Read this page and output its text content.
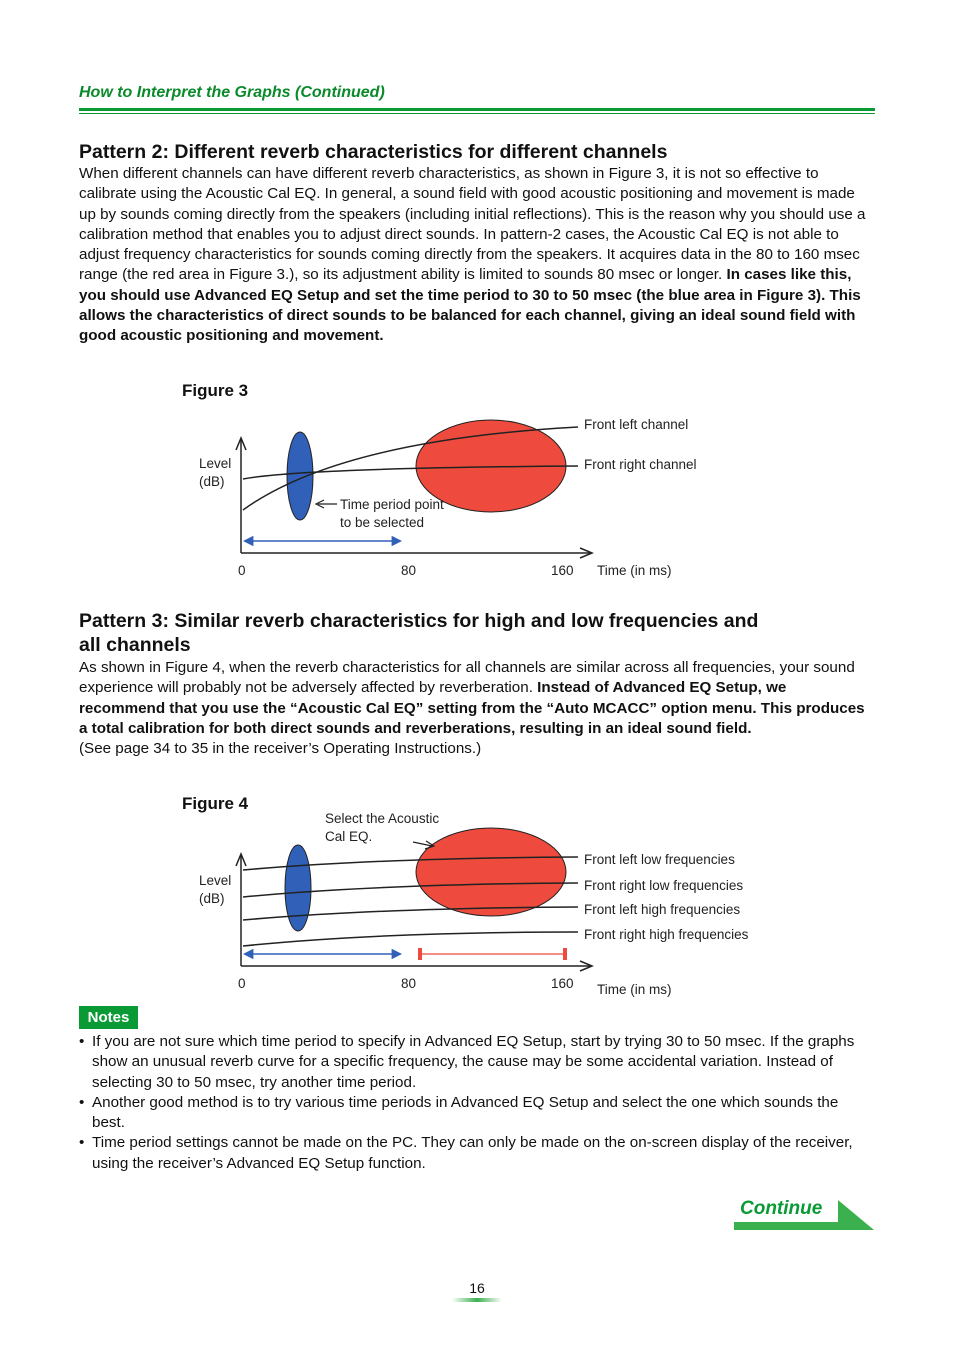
How to Interpret the Graphs (Continued)
Pattern 2: Different reverb characteristics for different channels
When different channels can have different reverb characteristics, as shown in Figure 3, it is not so effective to calibrate using the Acoustic Cal EQ. In general, a sound field with good acoustic positioning and movement is made up by sounds coming directly from the speakers (including initial reflections). This is the reason why you should use a calibration method that enables you to adjust direct sounds. In pattern-2 cases, the Acoustic Cal EQ is not able to adjust frequency characteristics for sounds coming directly from the speakers. It acquires data in the 80 to 160 msec range (the red area in Figure 3.), so its adjustment ability is limited to sounds 80 msec or longer. In cases like this, you should use Advanced EQ Setup and set the time period to 30 to 50 msec (the blue area in Figure 3). This allows the characteristics of direct sounds to be balanced for each channel, giving an ideal sound field with good acoustic positioning and movement.
Figure 3
Level
(dB)
Time period point
to be selected
Front left channel
Front right channel
0	80	160 Time (in ms)
Pattern 3: Similar reverb characteristics for high and low frequencies and
all channels
As shown in Figure 4, when the reverb characteristics for all channels are similar across all frequencies, your sound experience will probably not be adversely affected by reverberation. Instead of Advanced EQ Setup, we recommend that you use the “Acoustic Cal EQ” setting from the “Auto MCACC” option menu. This produces a total calibration for both direct sounds and reverberations, resulting in an ideal sound field.
(See page 34 to 35 in the receiver’s Operating Instructions.)
Figure 4
Select the Acoustic
Cal EQ.
Level
(dB)
Front left low frequencies
Front right low frequencies
Front left high frequencies
Front right high frequencies
0	80	160 Time (in ms)
Notes
• If you are not sure which time period to specify in Advanced EQ Setup, start by trying 30 to 50 msec. If the graphs show an unusual reverb curve for a specific frequency, the cause may be some accidental variation. Instead of selecting 30 to 50 msec, try another time period.
• Another good method is to try various time periods in Advanced EQ Setup and select the one which sounds the best.
• Time period settings cannot be made on the PC. They can only be made on the on-screen display of the receiver, using the receiver’s Advanced EQ Setup function.
Continue
16
